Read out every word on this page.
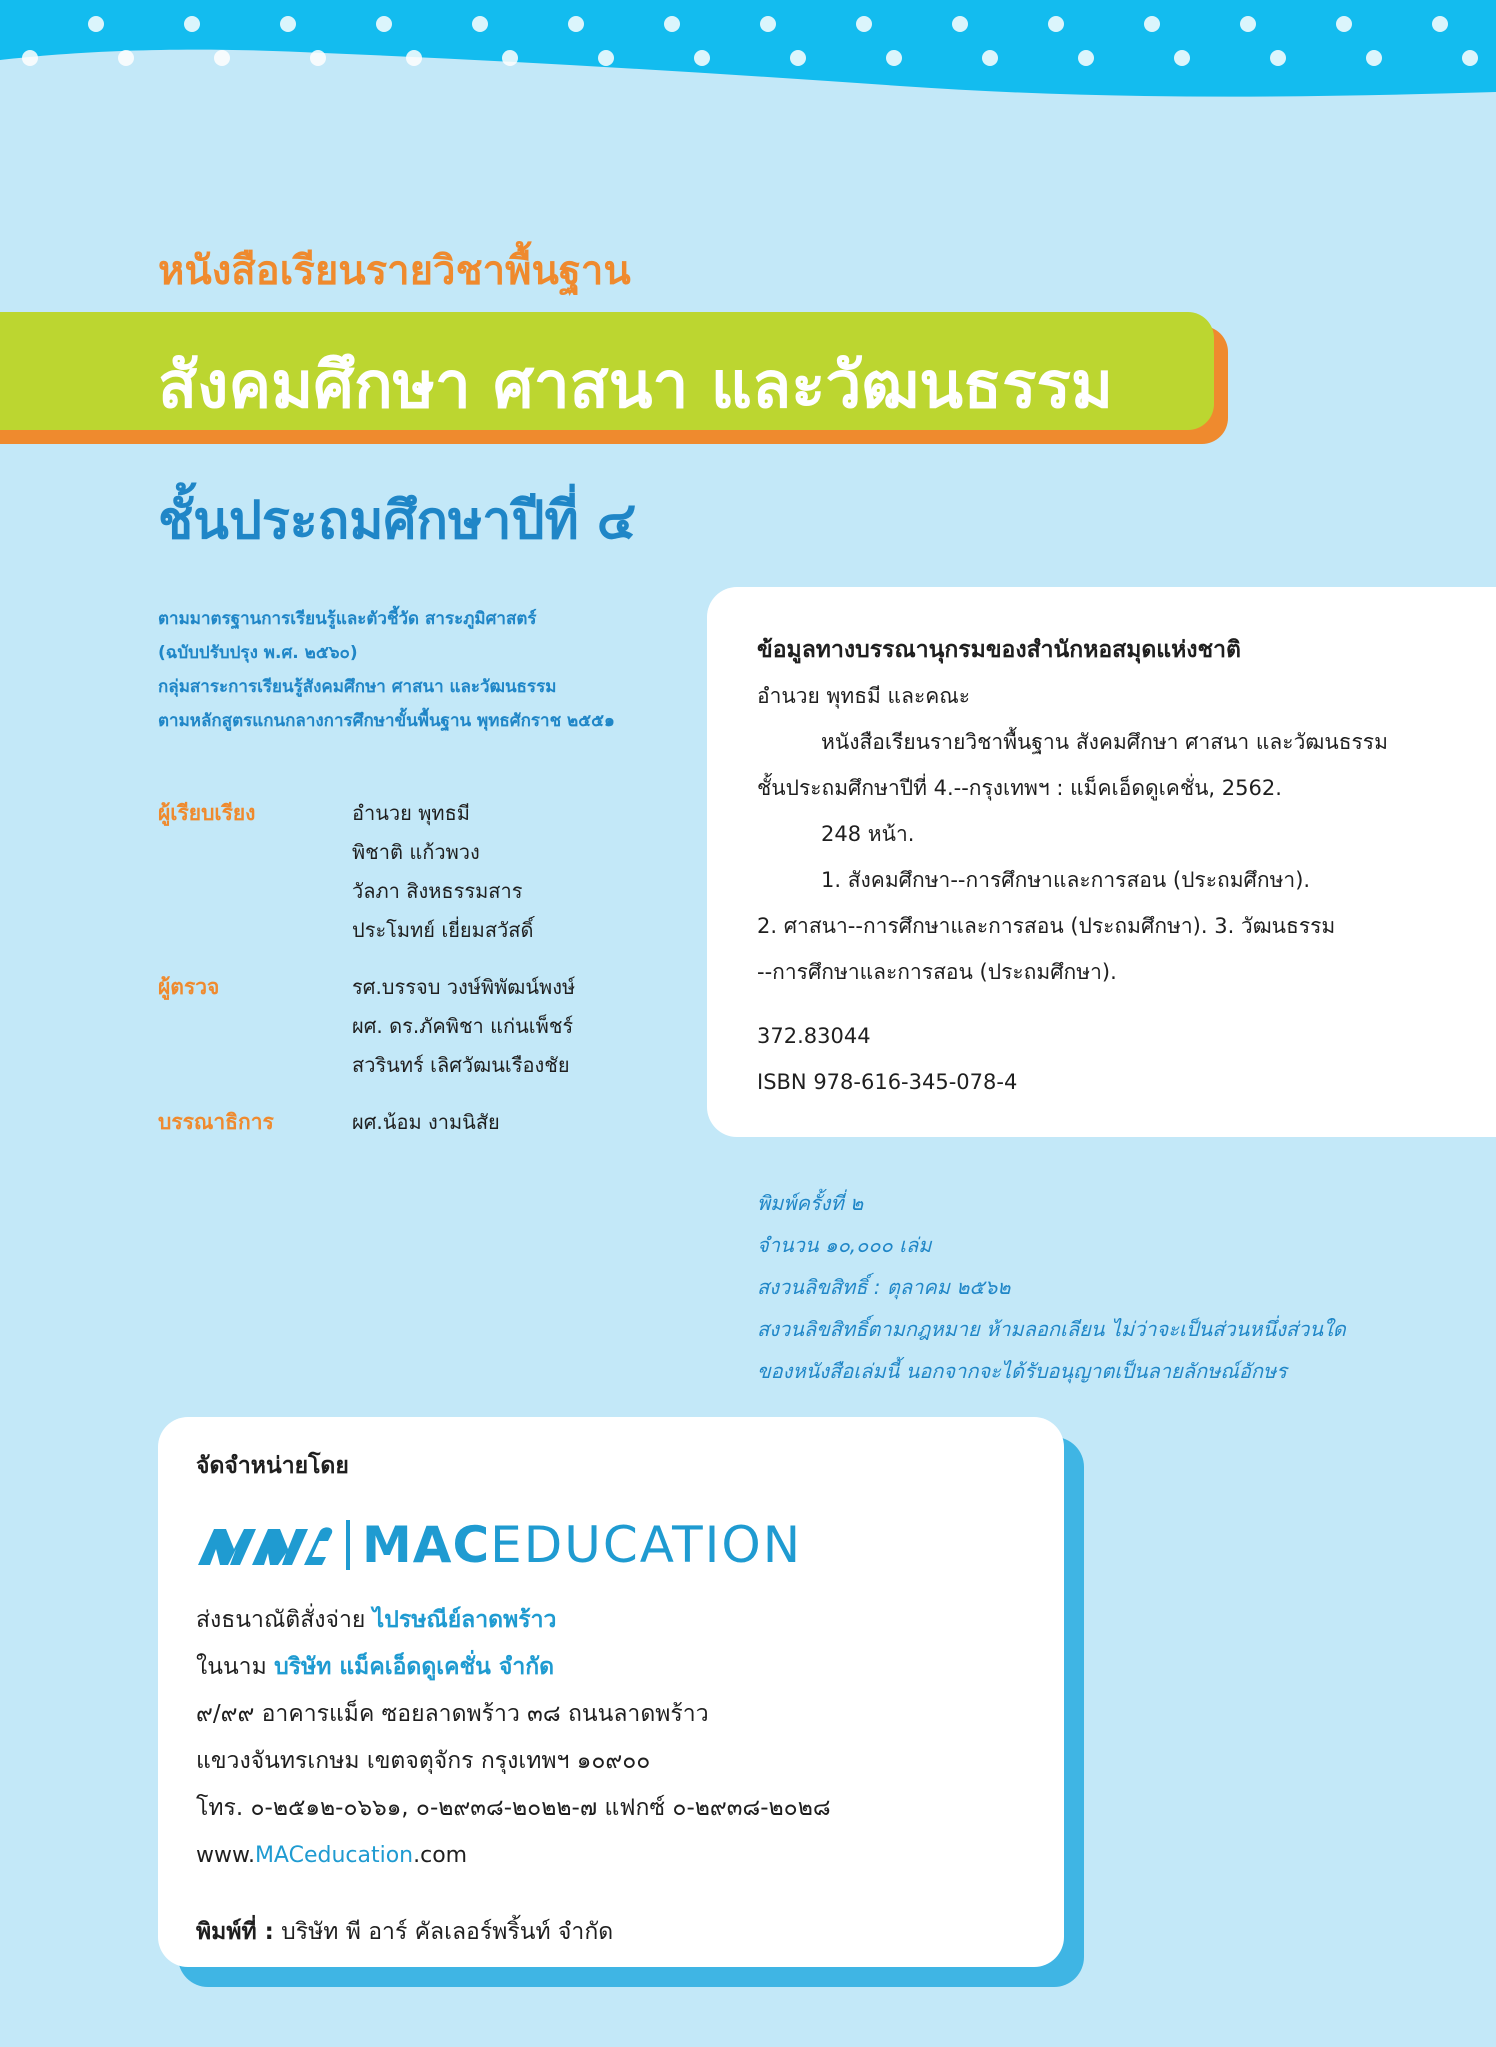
หนังสือเรียนรายวิชาพื้นฐาน
สังคมศึกษา ศาสนา และวัฒนธรรม
ชั้นประถมศึกษาปีที่ ๔
ตามมาตรฐานการเรียนรู้และตัวชี้วัด สาระภูมิศาสตร์
(ฉบับปรับปรุง พ.ศ. ๒๕๖๐)
กลุ่มสาระการเรียนรู้สังคมศึกษา ศาสนา และวัฒนธรรม
ตามหลักสูตรแกนกลางการศึกษาขั้นพื้นฐาน พุทธศักราช ๒๕๕๑
ผู้เรียบเรียง	อำนวย พุทธมี
พิชาติ แก้วพวง
วัลภา สิงหธรรมสาร
ประโมทย์ เยี่ยมสวัสดิ์
ผู้ตรวจ	รศ.บรรจบ วงษ์พิพัฒน์พงษ์
ผศ. ดร.ภัคพิชา แก่นเพ็ชร์
สวรินทร์ เลิศวัฒนเรืองชัย
บรรณาธิการ	ผศ.น้อม งามนิสัย
ข้อมูลทางบรรณานุกรมของสำนักหอสมุดแห่งชาติ

อำนวย พุทธมี และคณะ

หนังสือเรียนรายวิชาพื้นฐาน สังคมศึกษา ศาสนา และวัฒนธรรม

ชั้นประถมศึกษาปีที่ 4.--กรุงเทพฯ : แม็คเอ็ดดูเคชั่น, 2562.

248 หน้า.

1. สังคมศึกษา--การศึกษาและการสอน (ประถมศึกษา).

2. ศาสนา--การศึกษาและการสอน (ประถมศึกษา). 3. วัฒนธรรม

--การศึกษาและการสอน (ประถมศึกษา).

372.83044

ISBN 978-616-345-078-4

พิมพ์ครั้งที่ ๒
จำนวน ๑๐,๐๐๐ เล่ม
สงวนลิขสิทธิ์ : ตุลาคม ๒๕๖๒
สงวนลิขสิทธิ์ตามกฎหมาย ห้ามลอกเลียน ไม่ว่าจะเป็นส่วนหนึ่งส่วนใด
ของหนังสือเล่มนี้ นอกจากจะได้รับอนุญาตเป็นลายลักษณ์อักษร
จัดจำหน่ายโดย
MAC EDUCATION

ส่งธนาณัติสั่งจ่าย ไปรษณีย์ลาดพร้าว

ในนาม บริษัท แม็คเอ็ดดูเคชั่น จำกัด

๙/๙๙ อาคารแม็ค ซอยลาดพร้าว ๓๘ ถนนลาดพร้าว

แขวงจันทรเกษม เขตจตุจักร กรุงเทพฯ ๑๐๙๐๐

โทร. ๐-๒๕๑๒-๐๖๖๑, ๐-๒๙๓๘-๒๐๒๒-๗ แฟกซ์ ๐-๒๙๓๘-๒๐๒๘

www.MACeducation.com
พิมพ์ที่ : บริษัท พี อาร์ คัลเลอร์พริ้นท์ จำกัด
